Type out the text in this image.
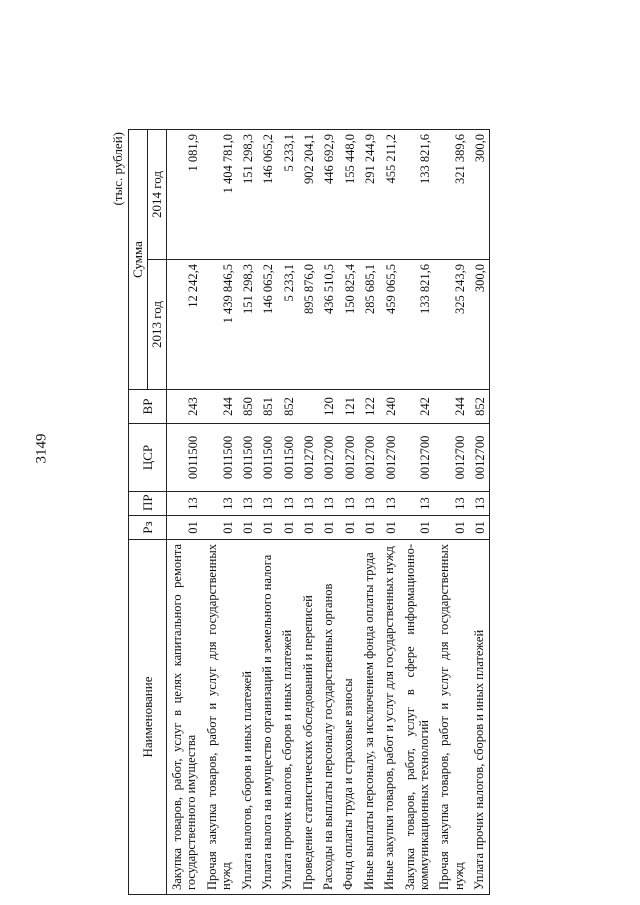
3149
(тыс. рублей)
Наименование	Рз	ПР	ЦСР	ВР	Сумма	
					2013 год	2014 год
Закупка товаров, работ, услуг в целях капитального ремонта государственного имущества	01	13	0011500	243	12 242,4	1 081,9
Прочая закупка товаров, работ и услуг для государственных нужд	01	13	0011500	244	1 439 846,5	1 404 781,0
Уплата налогов, сборов и иных платежей	01	13	0011500	850	151 298,3	151 298,3
Уплата налога на имущество организаций и земельного налога	01	13	0011500	851	146 065,2	146 065,2
Уплата прочих налогов, сборов и иных платежей	01	13	0011500	852	5 233,1	5 233,1
Проведение статистических обследований и переписей	01	13	0012700		895 876,0	902 204,1
Расходы на выплаты персоналу государственных органов	01	13	0012700	120	436 510,5	446 692,9
Фонд оплаты труда и страховые взносы	01	13	0012700	121	150 825,4	155 448,0
Иные выплаты персоналу, за исключением фонда оплаты труда	01	13	0012700	122	285 685,1	291 244,9
Иные закупки товаров, работ и услуг для государственных нужд	01	13	0012700	240	459 065,5	455 211,2
Закупка товаров, работ, услуг в сфере информационно-коммуникационных технологий	01	13	0012700	242	133 821,6	133 821,6
Прочая закупка товаров, работ и услуг для государственных нужд	01	13	0012700	244	325 243,9	321 389,6
Уплата прочих налогов, сборов и иных платежей	01	13	0012700	852	300,0	300,0
